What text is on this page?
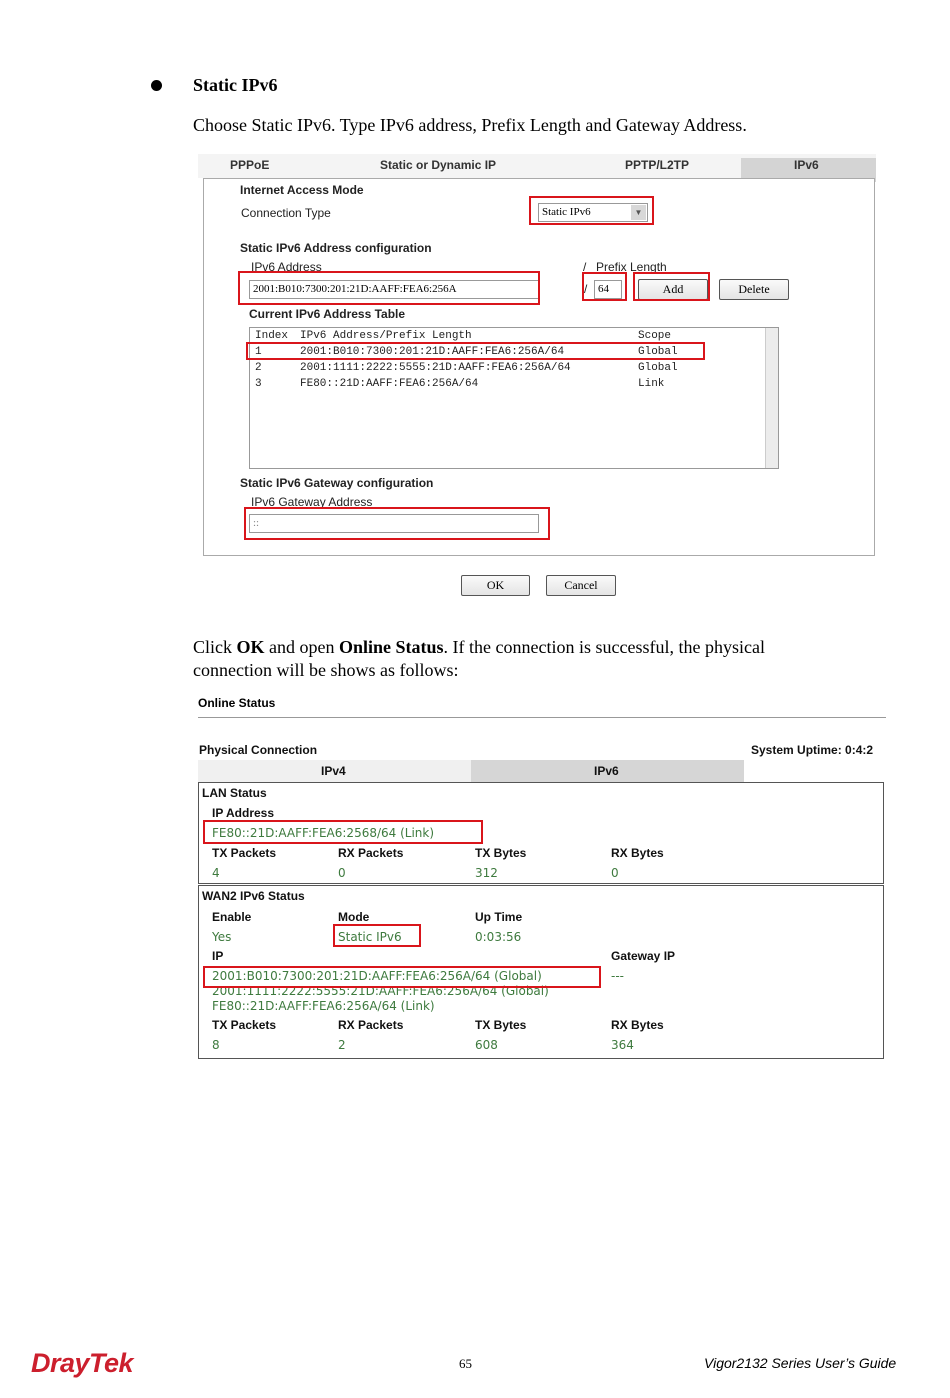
Static IPv6
Choose Static IPv6. Type IPv6 address, Prefix Length and Gateway Address.
PPPoE	Static or Dynamic IP	PPTP/L2TP	IPv6
Internet Access Mode
Connection Type	Static IPv6	▼
Static IPv6 Address configuration
IPv6 Address	/ Prefix Length
2001:B010:7300:201:21D:AAFF:FEA6:256A	/ 64	Add	Delete
Current IPv6 Address Table
Index IPv6 Address/Prefix Length	Scope
1	2001:B010:7300:201:21D:AAFF:FEA6:256A/64	Global
2	2001:1111:2222:5555:21D:AAFF:FEA6:256A/64	Global
3	FE80::21D:AAFF:FEA6:256A/64	Link
Static IPv6 Gateway configuration
IPv6 Gateway Address
::
OK	Cancel
Click OK and open Online Status. If the connection is successful, the physical
connection will be shows as follows:
Online Status
Physical Connection	System Uptime: 0:4:2
IPv4	IPv6
LAN Status
IP Address
FE80::21D:AAFF:FEA6:2568/64 (Link)
TX Packets	RX Packets	TX Bytes	RX Bytes
4	0	312	0
WAN2 IPv6 Status
Enable	Mode	Up Time
Yes	Static IPv6	0:03:56
IP	Gateway IP
2001:B010:7300:201:21D:AAFF:FEA6:256A/64 (Global)	---
2001:1111:2222:5555:21D:AAFF:FEA6:256A/64 (Global)
FE80::21D:AAFF:FEA6:256A/64 (Link)
TX Packets	RX Packets	TX Bytes	RX Bytes
8	2	608	364
DrayTek	65	Vigor2132 Series User’s Guide
